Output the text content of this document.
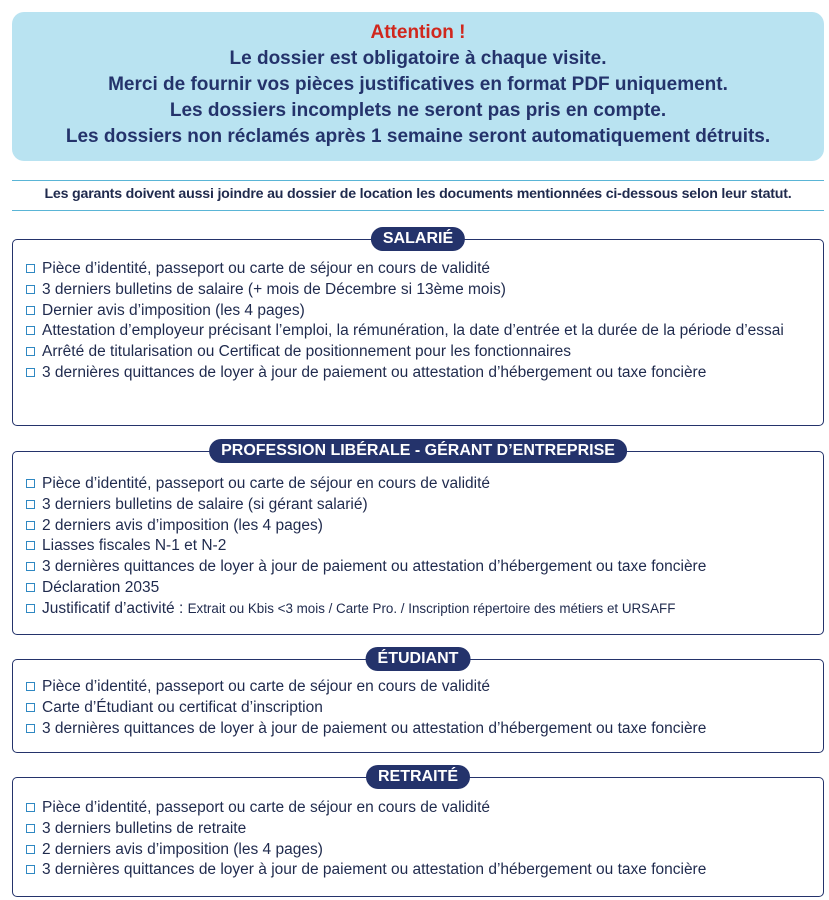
Attention !
Le dossier est obligatoire à chaque visite.
Merci de fournir vos pièces justificatives en format PDF uniquement.
Les dossiers incomplets ne seront pas pris en compte.
Les dossiers non réclamés après 1 semaine seront automatiquement détruits.
Les garants doivent aussi joindre au dossier de location les documents mentionnées ci-dessous selon leur statut.
SALARIÉ
Pièce d’identité, passeport ou carte de séjour en cours de validité
3 derniers bulletins de salaire (+ mois de Décembre si 13ème mois)
Dernier avis d’imposition (les 4 pages)
Attestation d’employeur précisant l’emploi, la rémunération, la date d’entrée et la durée de la période d’essai
Arrêté de titularisation ou Certificat de positionnement pour les fonctionnaires
3 dernières quittances de loyer à jour de paiement ou attestation d’hébergement ou taxe foncière
PROFESSION LIBÉRALE - GÉRANT D’ENTREPRISE
Pièce d’identité, passeport ou carte de séjour en cours de validité
3 derniers bulletins de salaire (si gérant salarié)
2 derniers avis d’imposition (les 4 pages)
Liasses fiscales N-1 et N-2
3 dernières quittances de loyer à jour de paiement ou attestation d’hébergement ou taxe foncière
Déclaration 2035
Justificatif d’activité : Extrait ou Kbis <3 mois / Carte Pro. / Inscription répertoire des métiers et URSAFF
ÉTUDIANT
Pièce d’identité, passeport ou carte de séjour en cours de validité
Carte d’Étudiant ou certificat d’inscription
3 dernières quittances de loyer à jour de paiement ou attestation d’hébergement ou taxe foncière
RETRAITÉ
Pièce d’identité, passeport ou carte de séjour en cours de validité
3 derniers bulletins de retraite
2 derniers avis d’imposition (les 4 pages)
3 dernières quittances de loyer à jour de paiement ou attestation d’hébergement ou taxe foncière
